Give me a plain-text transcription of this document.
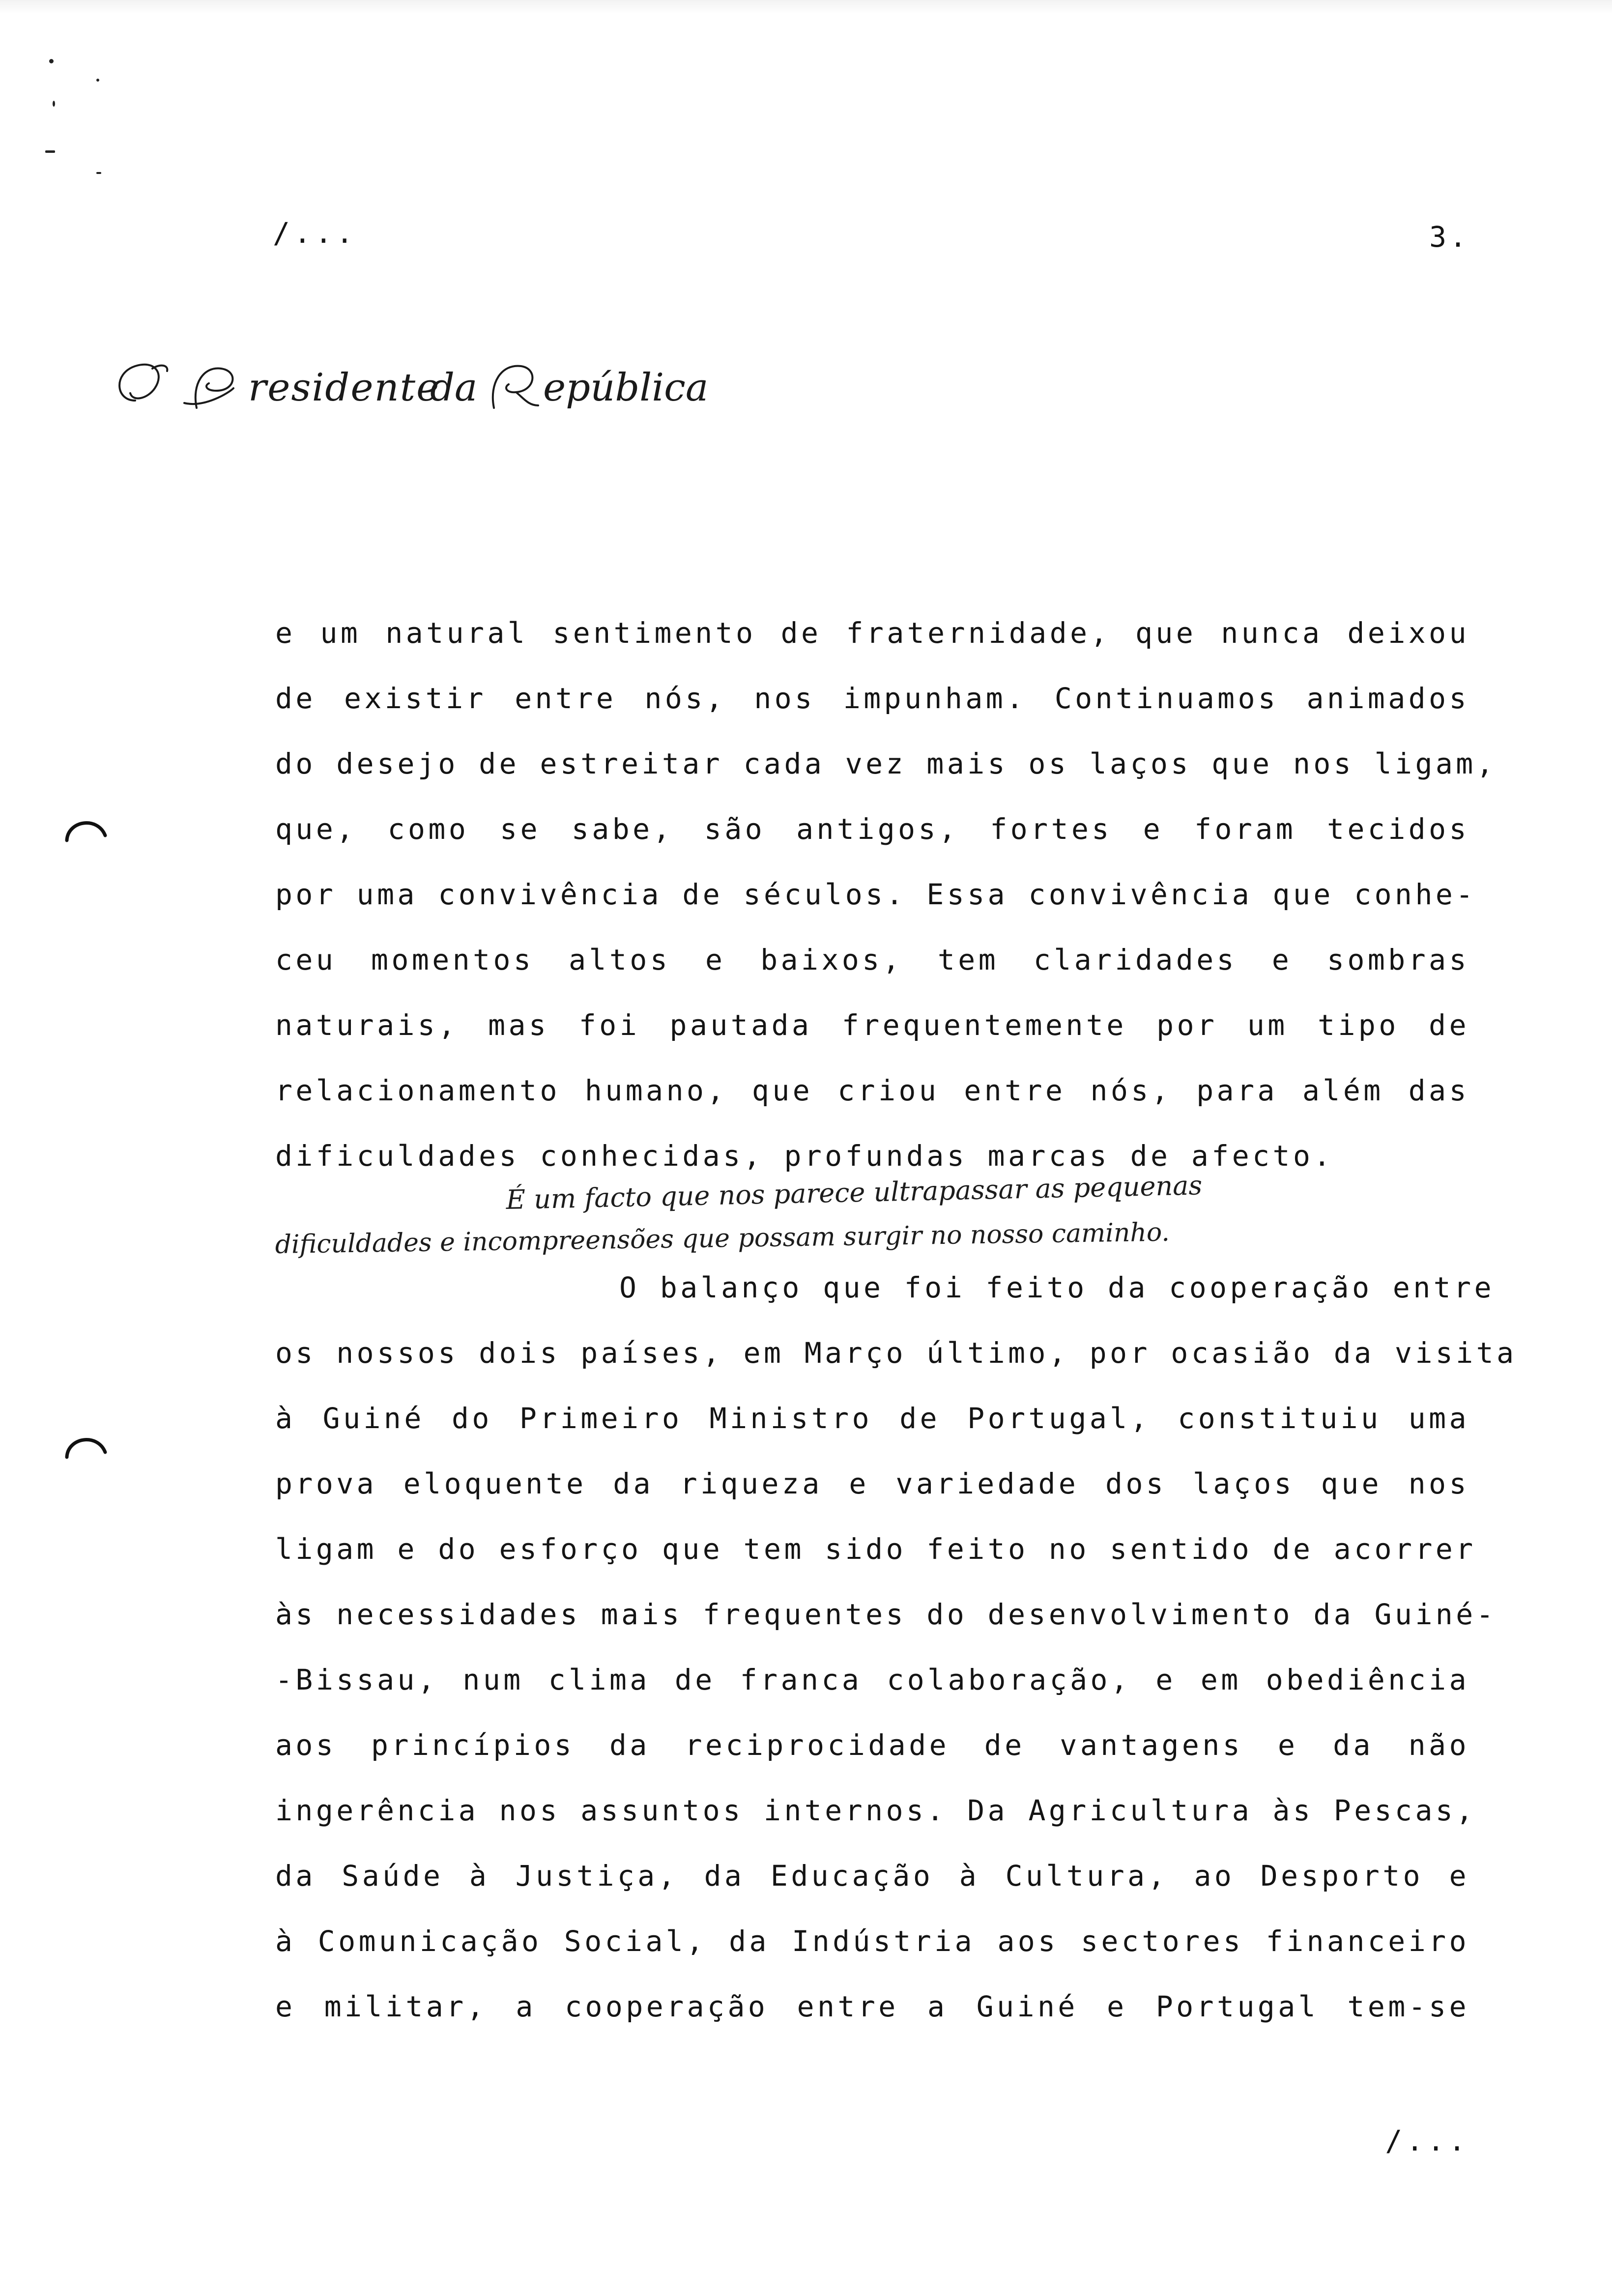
/...	3.
residente
da epública
O Presidente da República
e um natural sentimento de fraternidade, que nunca deixou
de existir entre nós, nos impunham. Continuamos animados
do desejo de estreitar cada vez mais os laços que nos ligam,
que, como se sabe, são antigos, fortes e foram tecidos
por uma convivência de séculos. Essa convivência que conhe-
ceu momentos altos e baixos, tem claridades e sombras
naturais, mas foi pautada frequentemente por um tipo de
relacionamento humano, que criou entre nós, para além das
dificuldades conhecidas, profundas marcas de afecto.
É um facto que nos parece ultrapassar as pequenas
dificuldades e incompreensões que possam surgir no nosso caminho.
O balanço que foi feito da cooperação entre
os nossos dois países, em Março último, por ocasião da visita
à Guiné do Primeiro Ministro de Portugal, constituiu uma
prova eloquente da riqueza e variedade dos laços que nos
ligam e do esforço que tem sido feito no sentido de acorrer
às necessidades mais frequentes do desenvolvimento da Guiné-
-Bissau, num clima de franca colaboração, e em obediência
aos princípios da reciprocidade de vantagens e da não
ingerência nos assuntos internos. Da Agricultura às Pescas,
da Saúde à Justiça, da Educação à Cultura, ao Desporto e
à Comunicação Social, da Indústria aos sectores financeiro
e militar, a cooperação entre a Guiné e Portugal tem-se
/...
